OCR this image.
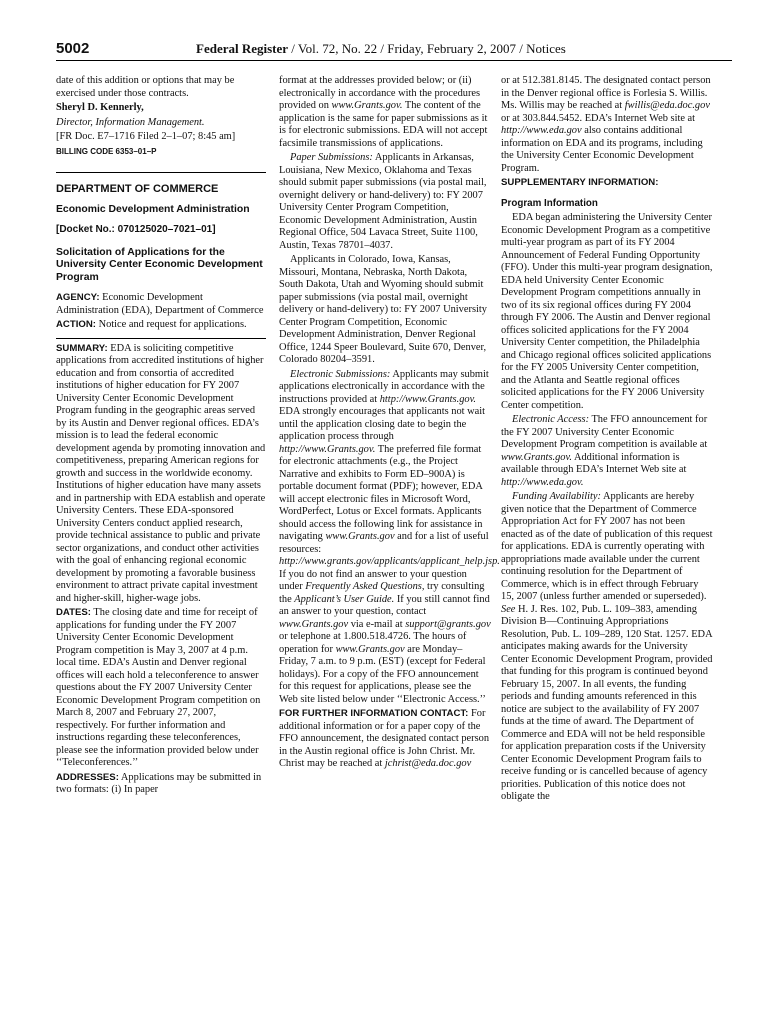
5002	Federal Register / Vol. 72, No. 22 / Friday, February 2, 2007 / Notices

date of this addition or options that may be exercised under those contracts.

Sheryl D. Kennerly,

Director, Information Management.

[FR Doc. E7–1716 Filed 2–1–07; 8:45 am]

BILLING CODE 6353–01–P

DEPARTMENT OF COMMERCE
Economic Development Administration
[Docket No.: 070125020–7021–01]
Solicitation of Applications for the University Center Economic Development Program

AGENCY: Economic Development Administration (EDA), Department of Commerce

ACTION: Notice and request for applications.

SUMMARY: EDA is soliciting competitive applications from accredited institutions of higher education and from consortia of accredited institutions of higher education for FY 2007 University Center Economic Development Program funding in the geographic areas served by its Austin and Denver regional offices. EDA’s mission is to lead the federal economic development agenda by promoting innovation and competitiveness, preparing American regions for growth and success in the worldwide economy. Institutions of higher education have many assets and in partnership with EDA establish and operate University Centers. These EDA-sponsored University Centers conduct applied research, provide technical assistance to public and private sector organizations, and conduct other activities with the goal of enhancing regional economic development by promoting a favorable business environment to attract private capital investment and higher-skill, higher-wage jobs.

DATES: The closing date and time for receipt of applications for funding under the FY 2007 University Center Economic Development Program competition is May 3, 2007 at 4 p.m. local time. EDA’s Austin and Denver regional offices will each hold a teleconference to answer questions about the FY 2007 University Center Economic Development Program competition on March 8, 2007 and February 27, 2007, respectively. For further information and instructions regarding these teleconferences, please see the information provided below under ‘‘Teleconferences.’’

ADDRESSES: Applications may be submitted in two formats: (i) In paper

format at the addresses provided below; or (ii) electronically in accordance with the procedures provided on www.Grants.gov. The content of the application is the same for paper submissions as it is for electronic submissions. EDA will not accept facsimile transmissions of applications.

Paper Submissions: Applicants in Arkansas, Louisiana, New Mexico, Oklahoma and Texas should submit paper submissions (via postal mail, overnight delivery or hand-delivery) to: FY 2007 University Center Program Competition, Economic Development Administration, Austin Regional Office, 504 Lavaca Street, Suite 1100, Austin, Texas 78701–4037.

Applicants in Colorado, Iowa, Kansas, Missouri, Montana, Nebraska, North Dakota, South Dakota, Utah and Wyoming should submit paper submissions (via postal mail, overnight delivery or hand-delivery) to: FY 2007 University Center Program Competition, Economic Development Administration, Denver Regional Office, 1244 Speer Boulevard, Suite 670, Denver, Colorado 80204–3591.

Electronic Submissions: Applicants may submit applications electronically in accordance with the instructions provided at http://www.Grants.gov. EDA strongly encourages that applicants not wait until the application closing date to begin the application process through http://www.Grants.gov. The preferred file format for electronic attachments (e.g., the Project Narrative and exhibits to Form ED–900A) is portable document format (PDF); however, EDA will accept electronic files in Microsoft Word, WordPerfect, Lotus or Excel formats. Applicants should access the following link for assistance in navigating www.Grants.gov and for a list of useful resources: http://www.grants.gov/applicants/applicant_help.jsp. If you do not find an answer to your question under Frequently Asked Questions, try consulting the Applicant’s User Guide. If you still cannot find an answer to your question, contact www.Grants.gov via e-mail at support@grants.gov or telephone at 1.800.518.4726. The hours of operation for www.Grants.gov are Monday–Friday, 7 a.m. to 9 p.m. (EST) (except for Federal holidays). For a copy of the FFO announcement for this request for applications, please see the Web site listed below under ‘‘Electronic Access.’’

FOR FURTHER INFORMATION CONTACT: For additional information or for a paper copy of the FFO announcement, the designated contact person in the Austin regional office is John Christ. Mr. Christ may be reached at jchrist@eda.doc.gov

or at 512.381.8145. The designated contact person in the Denver regional office is Forlesia S. Willis. Ms. Willis may be reached at fwillis@eda.doc.gov or at 303.844.5452. EDA’s Internet Web site at http://www.eda.gov also contains additional information on EDA and its programs, including the University Center Economic Development Program.

SUPPLEMENTARY INFORMATION:
Program Information

EDA began administering the University Center Economic Development Program as a competitive multi-year program as part of its FY 2004 Announcement of Federal Funding Opportunity (FFO). Under this multi-year program designation, EDA held University Center Economic Development Program competitions annually in two of its six regional offices during FY 2004 through FY 2006. The Austin and Denver regional offices solicited applications for the FY 2004 University Center competition, the Philadelphia and Chicago regional offices solicited applications for the FY 2005 University Center competition, and the Atlanta and Seattle regional offices solicited applications for the FY 2006 University Center competition.

Electronic Access: The FFO announcement for the FY 2007 University Center Economic Development Program competition is available at www.Grants.gov. Additional information is available through EDA’s Internet Web site at http://www.eda.gov.

Funding Availability: Applicants are hereby given notice that the Department of Commerce Appropriation Act for FY 2007 has not been enacted as of the date of publication of this request for applications. EDA is currently operating with appropriations made available under the current continuing resolution for the Department of Commerce, which is in effect through February 15, 2007 (unless further amended or superseded). See H. J. Res. 102, Pub. L. 109–383, amending Division B—Continuing Appropriations Resolution, Pub. L. 109–289, 120 Stat. 1257. EDA anticipates making awards for the University Center Economic Development Program, provided that funding for this program is continued beyond February 15, 2007. In all events, the funding periods and funding amounts referenced in this notice are subject to the availability of FY 2007 funds at the time of award. The Department of Commerce and EDA will not be held responsible for application preparation costs if the University Center Economic Development Program fails to receive funding or is cancelled because of agency priorities. Publication of this notice does not obligate the
